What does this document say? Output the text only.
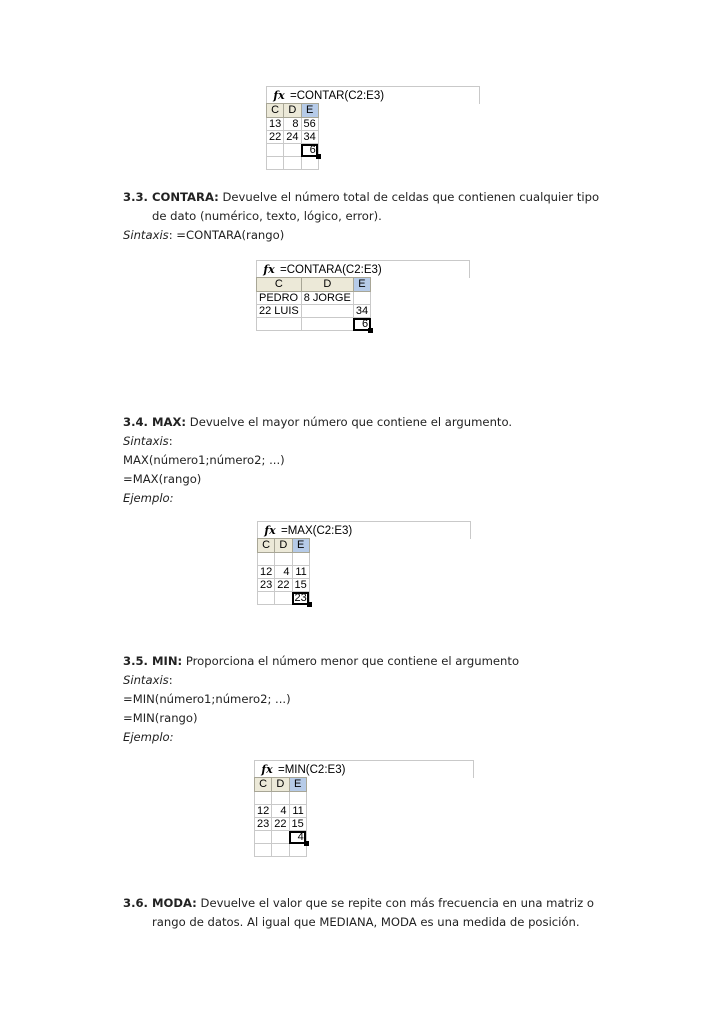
fx =CONTAR(C2:E3)
C	D	E
13	8	56
22	24	34
		6

3.3. CONTARA: Devuelve el número total de celdas que contienen cualquier tipo
de dato (numérico, texto, lógico, error).
Sintaxis: =CONTARA(rango)
fx =CONTARA(C2:E3)
C	D	E
PEDRO	8 JORGE	
22 LUIS		34
		6
3.4. MAX: Devuelve el mayor número que contiene el argumento.
Sintaxis:
MAX(número1;número2; ...)
=MAX(rango)
Ejemplo:
fx =MAX(C2:E3)
C	D	E

12	4	11
23	22	15
		23
3.5. MIN: Proporciona el número menor que contiene el argumento
Sintaxis:
=MIN(número1;número2; ...)
=MIN(rango)
Ejemplo:
fx =MIN(C2:E3)
C	D	E

12	4	11
23	22	15
		4

3.6. MODA: Devuelve el valor que se repite con más frecuencia en una matriz o
rango de datos. Al igual que MEDIANA, MODA es una medida de posición.
